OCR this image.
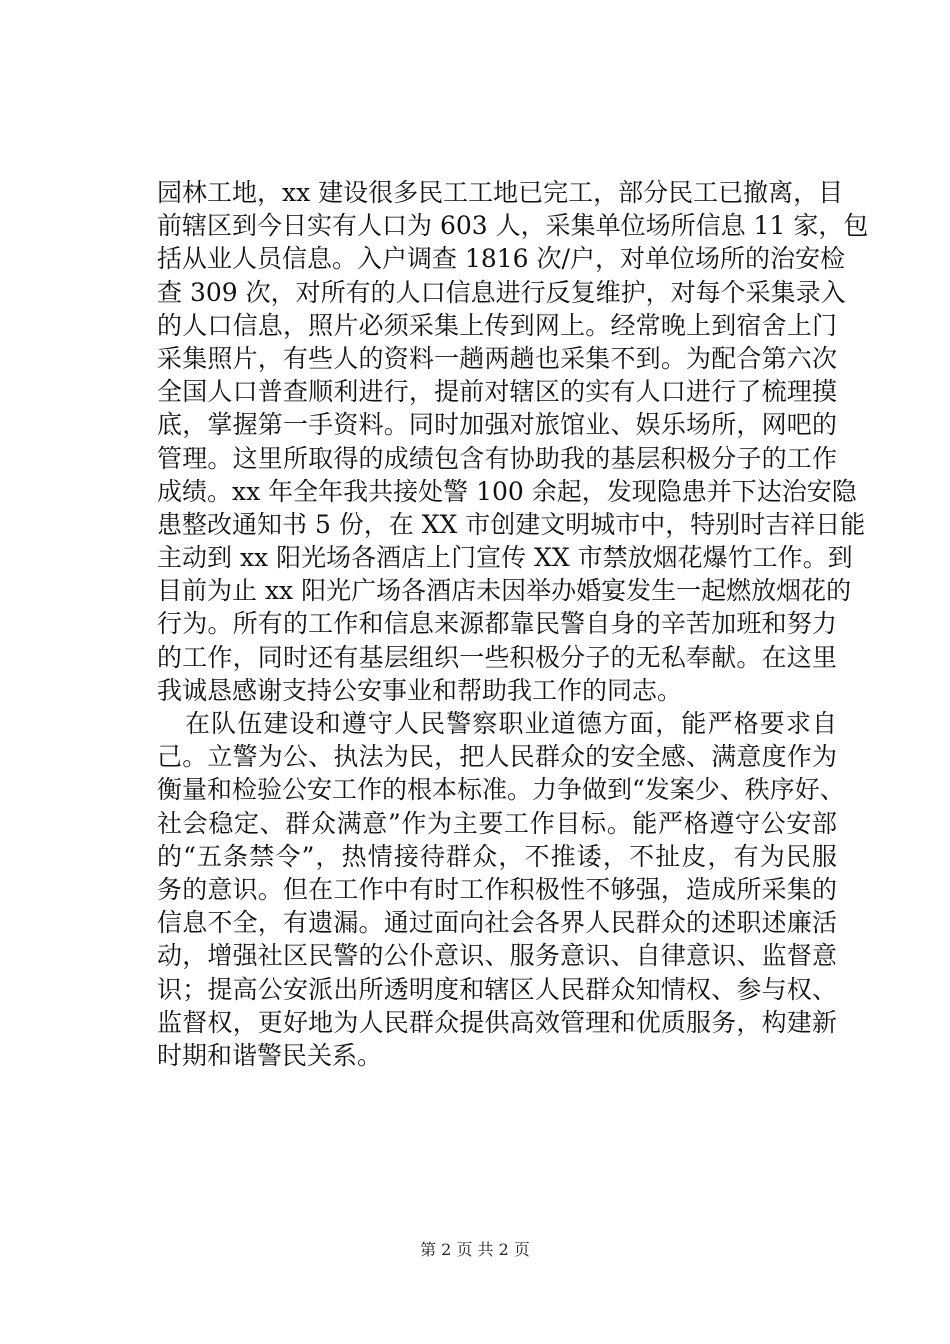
园林工地，xx 建设很多民工工地已完工，部分民工已撤离，目
前辖区到今日实有人口为 603 人，采集单位场所信息 11 家，包
括从业人员信息。入户调查 1816 次/户，对单位场所的治安检
查 309 次，对所有的人口信息进行反复维护，对每个采集录入
的人口信息，照片必须采集上传到网上。经常晚上到宿舍上门
采集照片，有些人的资料一趟两趟也采集不到。为配合第六次
全国人口普查顺利进行，提前对辖区的实有人口进行了梳理摸
底，掌握第一手资料。同时加强对旅馆业、娱乐场所，网吧的
管理。这里所取得的成绩包含有协助我的基层积极分子的工作
成绩。xx 年全年我共接处警 100 余起，发现隐患并下达治安隐
患整改通知书 5 份，在 XX 市创建文明城市中，特别时吉祥日能
主动到 xx 阳光场各酒店上门宣传 XX 市禁放烟花爆竹工作。到
目前为止 xx 阳光广场各酒店未因举办婚宴发生一起燃放烟花的
行为。所有的工作和信息来源都靠民警自身的辛苦加班和努力
的工作，同时还有基层组织一些积极分子的无私奉献。在这里
我诚恳感谢支持公安事业和帮助我工作的同志。
在队伍建设和遵守人民警察职业道德方面，能严格要求自
己。立警为公、执法为民，把人民群众的安全感、满意度作为
衡量和检验公安工作的根本标准。力争做到“发案少、秩序好、
社会稳定、群众满意”作为主要工作目标。能严格遵守公安部
的“五条禁令”，热情接待群众，不推诿，不扯皮，有为民服
务的意识。但在工作中有时工作积极性不够强，造成所采集的
信息不全，有遗漏。通过面向社会各界人民群众的述职述廉活
动，增强社区民警的公仆意识、服务意识、自律意识、监督意
识；提高公安派出所透明度和辖区人民群众知情权、参与权、
监督权，更好地为人民群众提供高效管理和优质服务，构建新
时期和谐警民关系。
第 2 页 共 2 页
